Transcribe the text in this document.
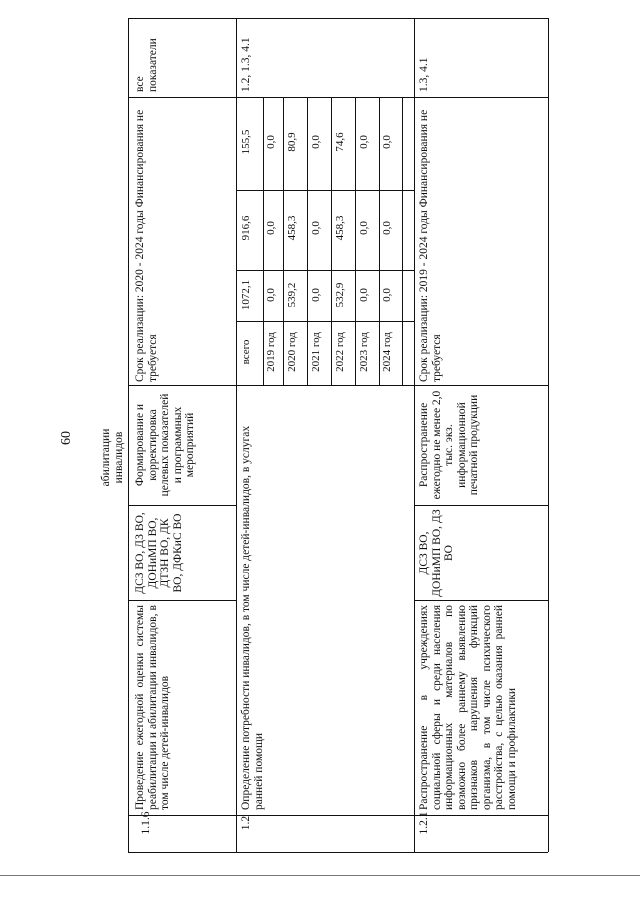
60 абилитации инвалидов
1.1.6
Проведение ежегодной оценки системы реабилитации и абилитации инвалидов, в том числе детей-инвалидов
ДСЗ ВО, ДЗ ВО, ДОНиМП ВО, ДТЗН ВО, ДК ВО, ДФКиС ВО
Формирование и корректировка целевых показателей и программных мероприятий
Срок реализации: 2020 - 2024 годы Финансирования не требуется
все показатели
1.2
Определение потребности инвалидов, в том числе детей-инвалидов, в услугах ранней помощи
1.2, 1.3, 4.1
всего
1072,1
916,6
155,5
2019 год
0,0
0,0
0,0
2020 год
539,2
458,3
80,9
2021 год
0,0
0,0
0,0
2022 год
532,9
458,3
74,6
2023 год
0,0
0,0
0,0
2024 год
0,0
0,0
0,0
1.2.1
Распространение в учреждениях социальной сферы и среди населения информационных материалов по возможно более раннему выявлению признаков нарушения функций организма, в том числе психического расстройства, с целью оказания ранней помощи и профилактики
ДСЗ ВО, ДОНиМП ВО, ДЗ ВО
Распространение ежегодно не менее 2,0 тыс. экз. информационной печатной продукции
Срок реализации: 2019 - 2024 годы Финансирования не требуется
1.3, 4.1
